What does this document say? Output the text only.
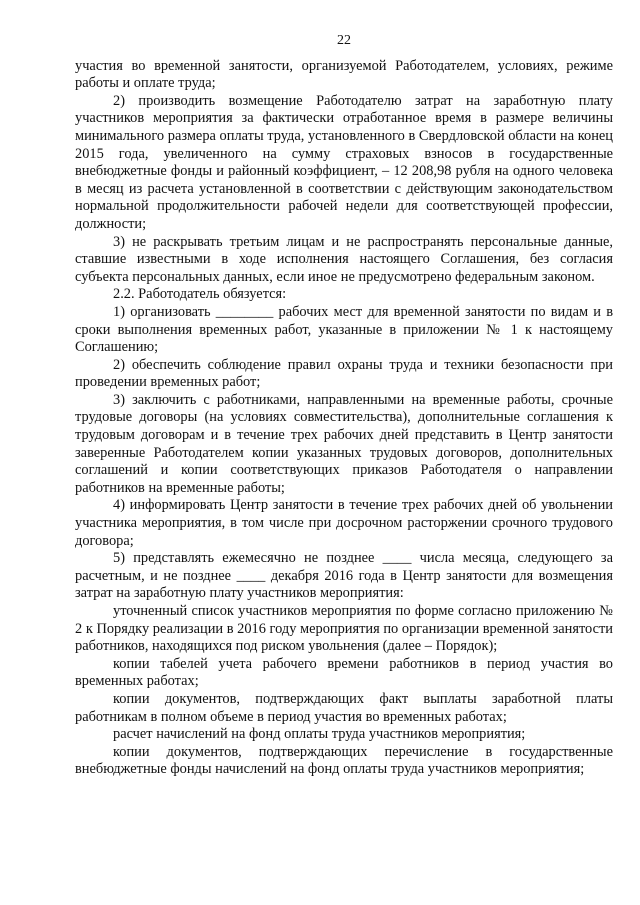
22

участия во временной занятости, организуемой Работодателем, условиях, режиме работы и оплате труда;

2) производить возмещение Работодателю затрат на заработную плату участников мероприятия за фактически отработанное время в размере величины минимального размера оплаты труда, установленного в Свердловской области на конец 2015 года, увеличенного на сумму страховых взносов в государственные внебюджетные фонды и районный коэффициент, – 12 208,98 рубля на одного человека в месяц из расчета установленной в соответствии с действующим законодательством нормальной продолжительности рабочей недели для соответствующей профессии, должности;

3) не раскрывать третьим лицам и не распространять персональные данные, ставшие известными в ходе исполнения настоящего Соглашения, без согласия субъекта персональных данных, если иное не предусмотрено федеральным законом.

2.2. Работодатель обязуется:

1) организовать ________ рабочих мест для временной занятости по видам и в сроки выполнения временных работ, указанные в приложении № 1 к настоящему Соглашению;

2) обеспечить соблюдение правил охраны труда и техники безопасности при проведении временных работ;

3) заключить с работниками, направленными на временные работы, срочные трудовые договоры (на условиях совместительства), дополнительные соглашения к трудовым договорам и в течение трех рабочих дней представить в Центр занятости заверенные Работодателем копии указанных трудовых договоров, дополнительных соглашений и копии соответствующих приказов Работодателя о направлении работников на временные работы;

4) информировать Центр занятости в течение трех рабочих дней об увольнении участника мероприятия, в том числе при досрочном расторжении срочного трудового договора;

5) представлять ежемесячно не позднее ____ числа месяца, следующего за расчетным, и не позднее ____ декабря 2016 года в Центр занятости для возмещения затрат на заработную плату участников мероприятия:

уточненный список участников мероприятия по форме согласно приложению № 2 к Порядку реализации в 2016 году мероприятия по организации временной занятости работников, находящихся под риском увольнения (далее – Порядок);

копии табелей учета рабочего времени работников в период участия во временных работах;

копии документов, подтверждающих факт выплаты заработной платы работникам в полном объеме в период участия во временных работах;

расчет начислений на фонд оплаты труда участников мероприятия;

копии документов, подтверждающих перечисление в государственные внебюджетные фонды начислений на фонд оплаты труда участников мероприятия;
